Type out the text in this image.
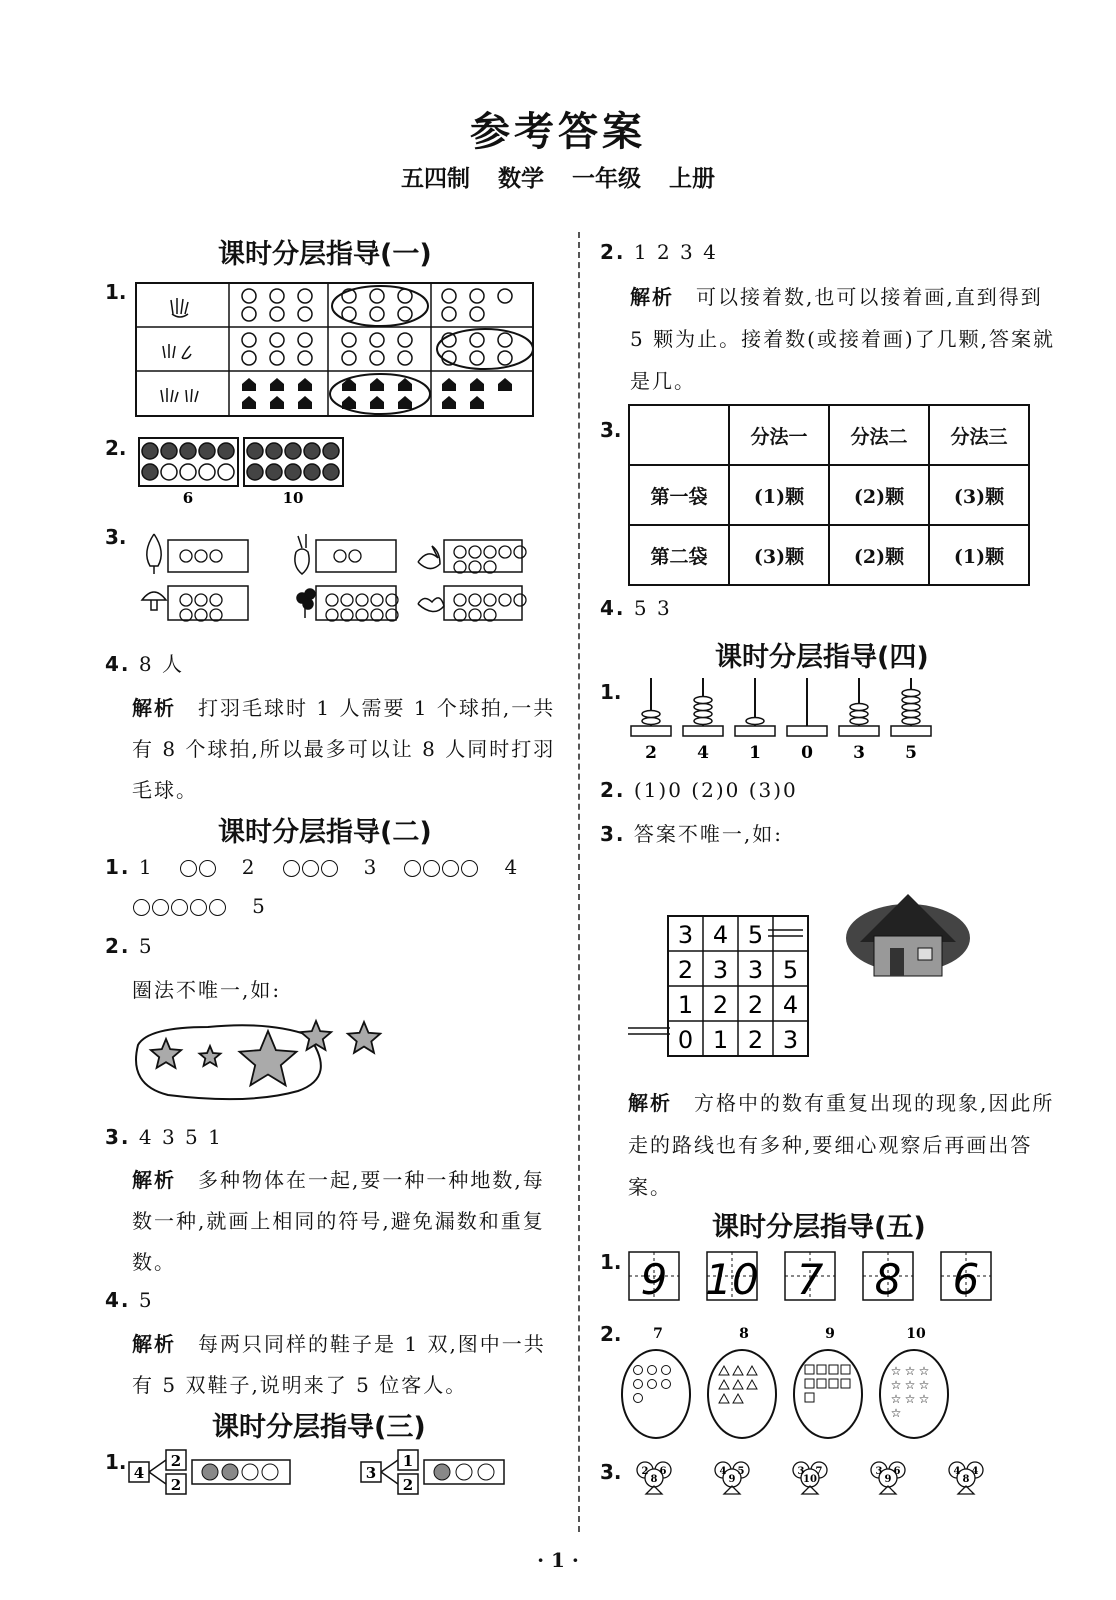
参考答案
五四制 数学 一年级 上册
课时分层指导(一)
1.
2.
6	10
3.
4. 8 人
解析 打羽毛球时 1 人需要 1 个球拍,一共有 8 个球拍,所以最多可以让 8 人同时打羽毛球。
课时分层指导(二)
1. 1	2	3	4
5
2. 5
圈法不唯一,如:
3. 4 3 5 1
解析 多种物体在一起,要一种一种地数,每数一种,就画上相同的符号,避免漏数和重复数。
4. 5
解析 每两只同样的鞋子是 1 双,图中一共有 5 双鞋子,说明来了 5 位客人。
课时分层指导(三)
1. 4
2
2
3
1
2
2. 1 2 3 4
解析 可以接着数,也可以接着画,直到得到 5 颗为止。接着数(或接着画)了几颗,答案就是几。
3.
		分法一	分法二	分法三
第一袋	(1)颗	(2)颗	(3)颗
第二袋	(3)颗	(2)颗	(1)颗
4. 5 3
课时分层指导(四)
1.
2 4 1 0 3 5
2. (1)0 (2)0 (3)0
3. 答案不唯一,如:
3 4 5
2 3 3 5
1 2 2 4
0 1 2 3
解析 方格中的数有重复出现的现象,因此所走的路线也有多种,要细心观察后再画出答案。
课时分层指导(五)
1. 9 10 7 8 6
2. 7	8	9	10
☆ ☆ ☆
☆ ☆ ☆
☆ ☆ ☆
☆
3. 2
8
6	4
9
5	3
10
7	3
9
6	4
8
4
· 1 ·
